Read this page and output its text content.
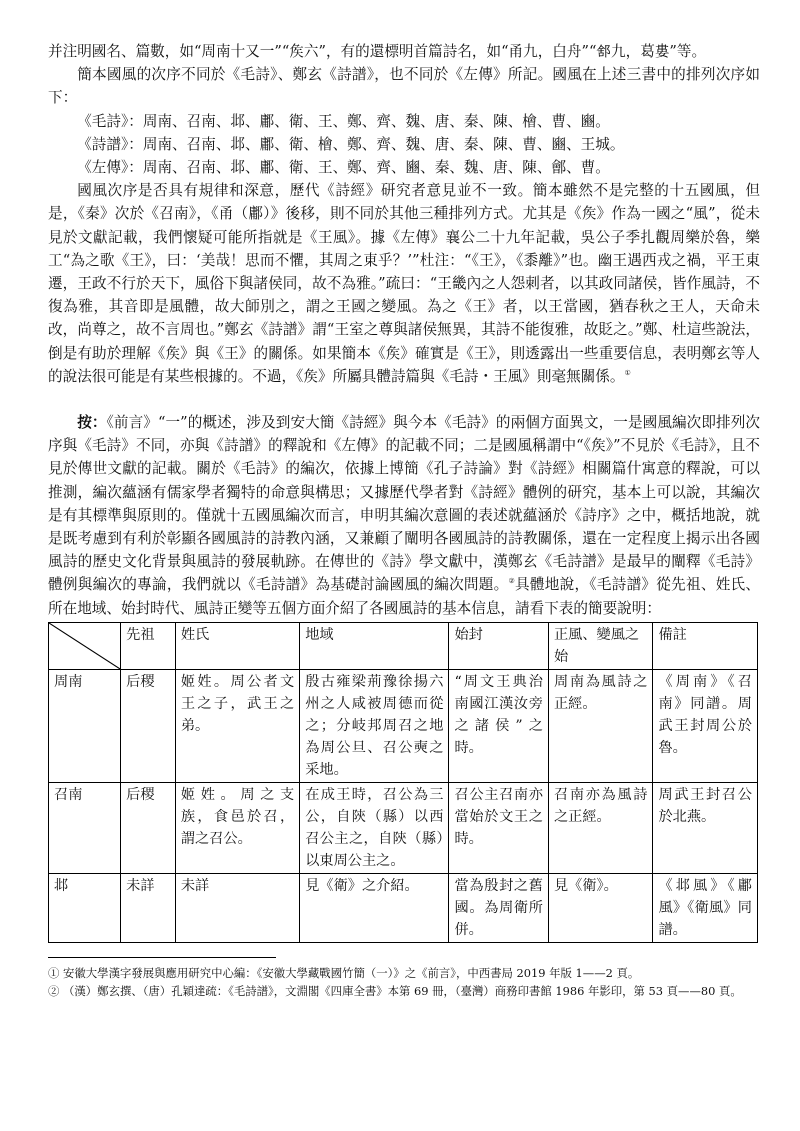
并注明國名、篇數，如“周南十又一”“矦六”，有的還標明首篇詩名，如“甬九，白舟”“𨛭九，葛婁”等。

簡本國風的次序不同於《毛詩》、鄭玄《詩譜》，也不同於《左傳》所記。國風在上述三書中的排列次序如下：

《毛詩》：周南、召南、邶、鄘、衛、王、鄭、齊、魏、唐、秦、陳、檜、曹、豳。

《詩譜》：周南、召南、邶、鄘、衛、檜、鄭、齊、魏、唐、秦、陳、曹、豳、王城。

《左傳》：周南、召南、邶、鄘、衛、王、鄭、齊、豳、秦、魏、唐、陳、鄶、曹。

國風次序是否具有規律和深意，歷代《詩經》研究者意見並不一致。簡本雖然不是完整的十五國風，但是，《秦》次於《召南》，《甬（鄘）》後移，則不同於其他三種排列方式。尤其是《矦》作為一國之“風”，從未見於文獻記載，我們懷疑可能所指就是《王風》。據《左傳》襄公二十九年記載，吳公子季扎觀周樂於魯，樂工“為之歌《王》，曰：‘美哉！思而不懼，其周之東乎？’”杜注：“《王》，《黍離》”也。幽王遇西戎之禍，平王東遷，王政不行於天下，風俗下與諸侯同，故不為雅。”疏曰：“王畿內之人怨刺者，以其政同諸侯，皆作風詩，不復為雅，其音即是風體，故大師別之，謂之王國之變風。為之《王》者，以王當國，猶春秋之王人，天命未改，尚尊之，故不言周也。”鄭玄《詩譜》謂“王室之尊與諸侯無異，其詩不能復雅，故貶之。”鄭、杜這些說法，倒是有助於理解《矦》與《王》的關係。如果簡本《矦》確實是《王》，則透露出一些重要信息，表明鄭玄等人的說法很可能是有某些根據的。不過，《矦》所屬具體詩篇與《毛詩・王風》則毫無關係。①

按：《前言》“一”的概述，涉及到安大簡《詩經》與今本《毛詩》的兩個方面異文，一是國風編次即排列次序與《毛詩》不同，亦與《詩譜》的釋說和《左傳》的記載不同；二是國風稱謂中“《矦》”不見於《毛詩》，且不見於傳世文獻的記載。關於《毛詩》的編次，依據上博簡《孔子詩論》對《詩經》相關篇什寓意的釋說，可以推測，編次蘊涵有儒家學者獨特的命意與構思；又據歷代學者對《詩經》體例的研究，基本上可以說，其編次是有其標準與原則的。僅就十五國風編次而言，申明其編次意圖的表述就蘊涵於《詩序》之中，概括地說，就是既考慮到有利於彰顯各國風詩的詩教內涵，又兼顧了闡明各國風詩的詩教關係，還在一定程度上揭示出各國風詩的歷史文化背景與風詩的發展軌跡。在傳世的《詩》學文獻中，漢鄭玄《毛詩譜》是最早的闡釋《毛詩》體例與編次的專論，我們就以《毛詩譜》為基礎討論國風的編次問題。②具體地說，《毛詩譜》從先祖、姓氏、所在地域、始封時代、風詩正變等五個方面介紹了各國風詩的基本信息，請看下表的簡要說明：

	先祖	姓氏	地域	始封	正風、變風之始	備註
周南	后稷	姬姓。周公者文王之子，武王之弟。	殷古雍梁荊豫徐揚六州之人咸被周德而從之；分岐邦周召之地為周公旦、召公奭之采地。	“周文王典治南國江漢汝旁之諸侯”之時。	周南為風詩之正經。	《周南》《召南》同譜。周武王封周公於魯。
召南	后稷	姬姓。周之支族，食邑於召，謂之召公。	在成王時，召公為三公，自陝（縣）以西召公主之，自陝（縣）以東周公主之。	召公主召南亦當始於文王之時。	召南亦為風詩之正經。	周武王封召公於北燕。
邶	未詳	未詳	見《衛》之介紹。	當為殷封之舊國。為周衛所併。	見《衛》。	《邶風》《鄘風》《衛風》同譜。

① 安徽大學漢字發展與應用研究中心編：《安徽大學藏戰國竹簡（一）》之《前言》，中西書局 2019 年版 1——2 頁。

② （漢）鄭玄撰、（唐）孔穎達疏：《毛詩譜》，文淵閣《四庫全書》本第 69 冊，（臺灣）商務印書館 1986 年影印，第 53 頁——80 頁。
